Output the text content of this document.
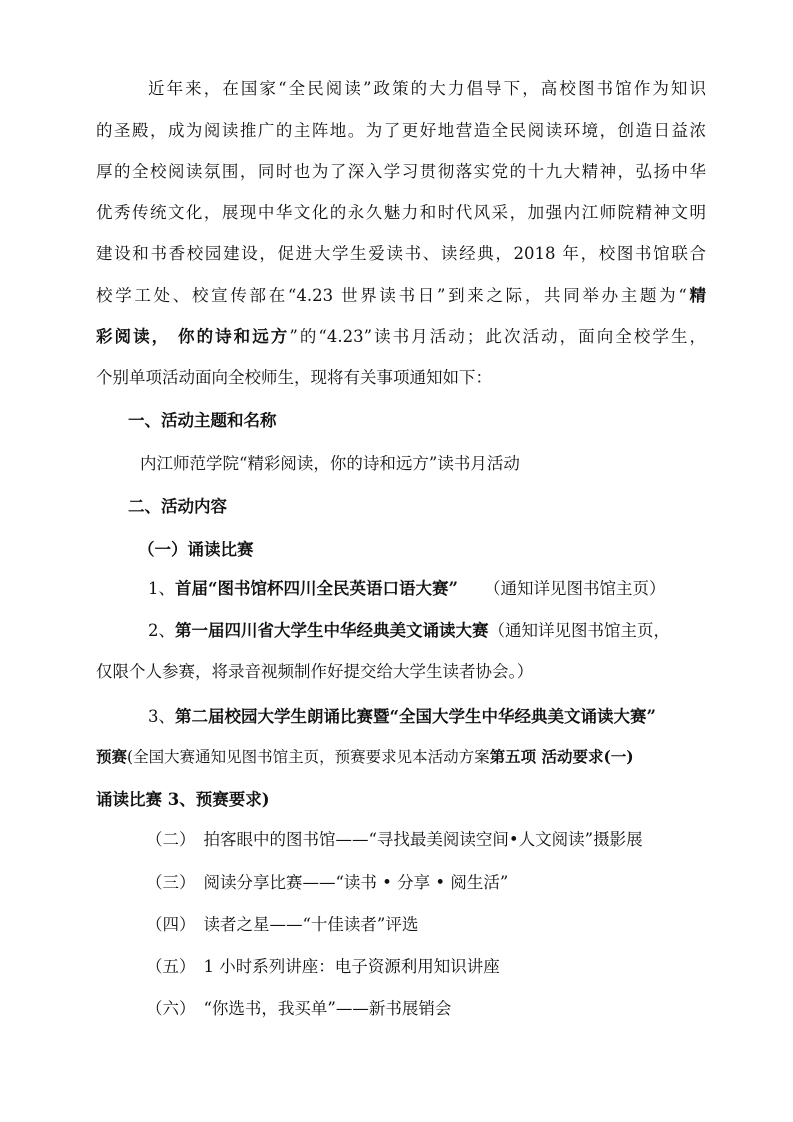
近年来，在国家“全民阅读”政策的大力倡导下，高校图书馆作为知识
的圣殿，成为阅读推广的主阵地。为了更好地营造全民阅读环境，创造日益浓
厚的全校阅读氛围，同时也为了深入学习贯彻落实党的十九大精神，弘扬中华
优秀传统文化，展现中华文化的永久魅力和时代风采，加强内江师院精神文明
建设和书香校园建设，促进大学生爱读书、读经典，2018 年，校图书馆联合
校学工处、校宣传部在“4.23 世界读书日”到来之际，共同举办主题为“精
彩阅读， 你的诗和远方”的“4.23”读书月活动；此次活动，面向全校学生，
个别单项活动面向全校师生，现将有关事项通知如下：
一、活动主题和名称
内江师范学院“精彩阅读，你的诗和远方”读书月活动
二、活动内容
（一）诵读比赛
1、首届“图书馆杯四川全民英语口语大赛” （通知详见图书馆主页）
2、第一届四川省大学生中华经典美文诵读大赛（通知详见图书馆主页，
仅限个人参赛，将录音视频制作好提交给大学生读者协会。）
3、第二届校园大学生朗诵比赛暨“全国大学生中华经典美文诵读大赛”
预赛(全国大赛通知见图书馆主页，预赛要求见本活动方案第五项 活动要求(一)
诵读比赛 3、预赛要求)
（二） 拍客眼中的图书馆——“寻找最美阅读空间•人文阅读”摄影展
（三） 阅读分享比赛——“读书 • 分享 • 阅生活”
（四） 读者之星——“十佳读者”评选
（五） 1 小时系列讲座：电子资源利用知识讲座
（六） “你选书，我买单”——新书展销会
